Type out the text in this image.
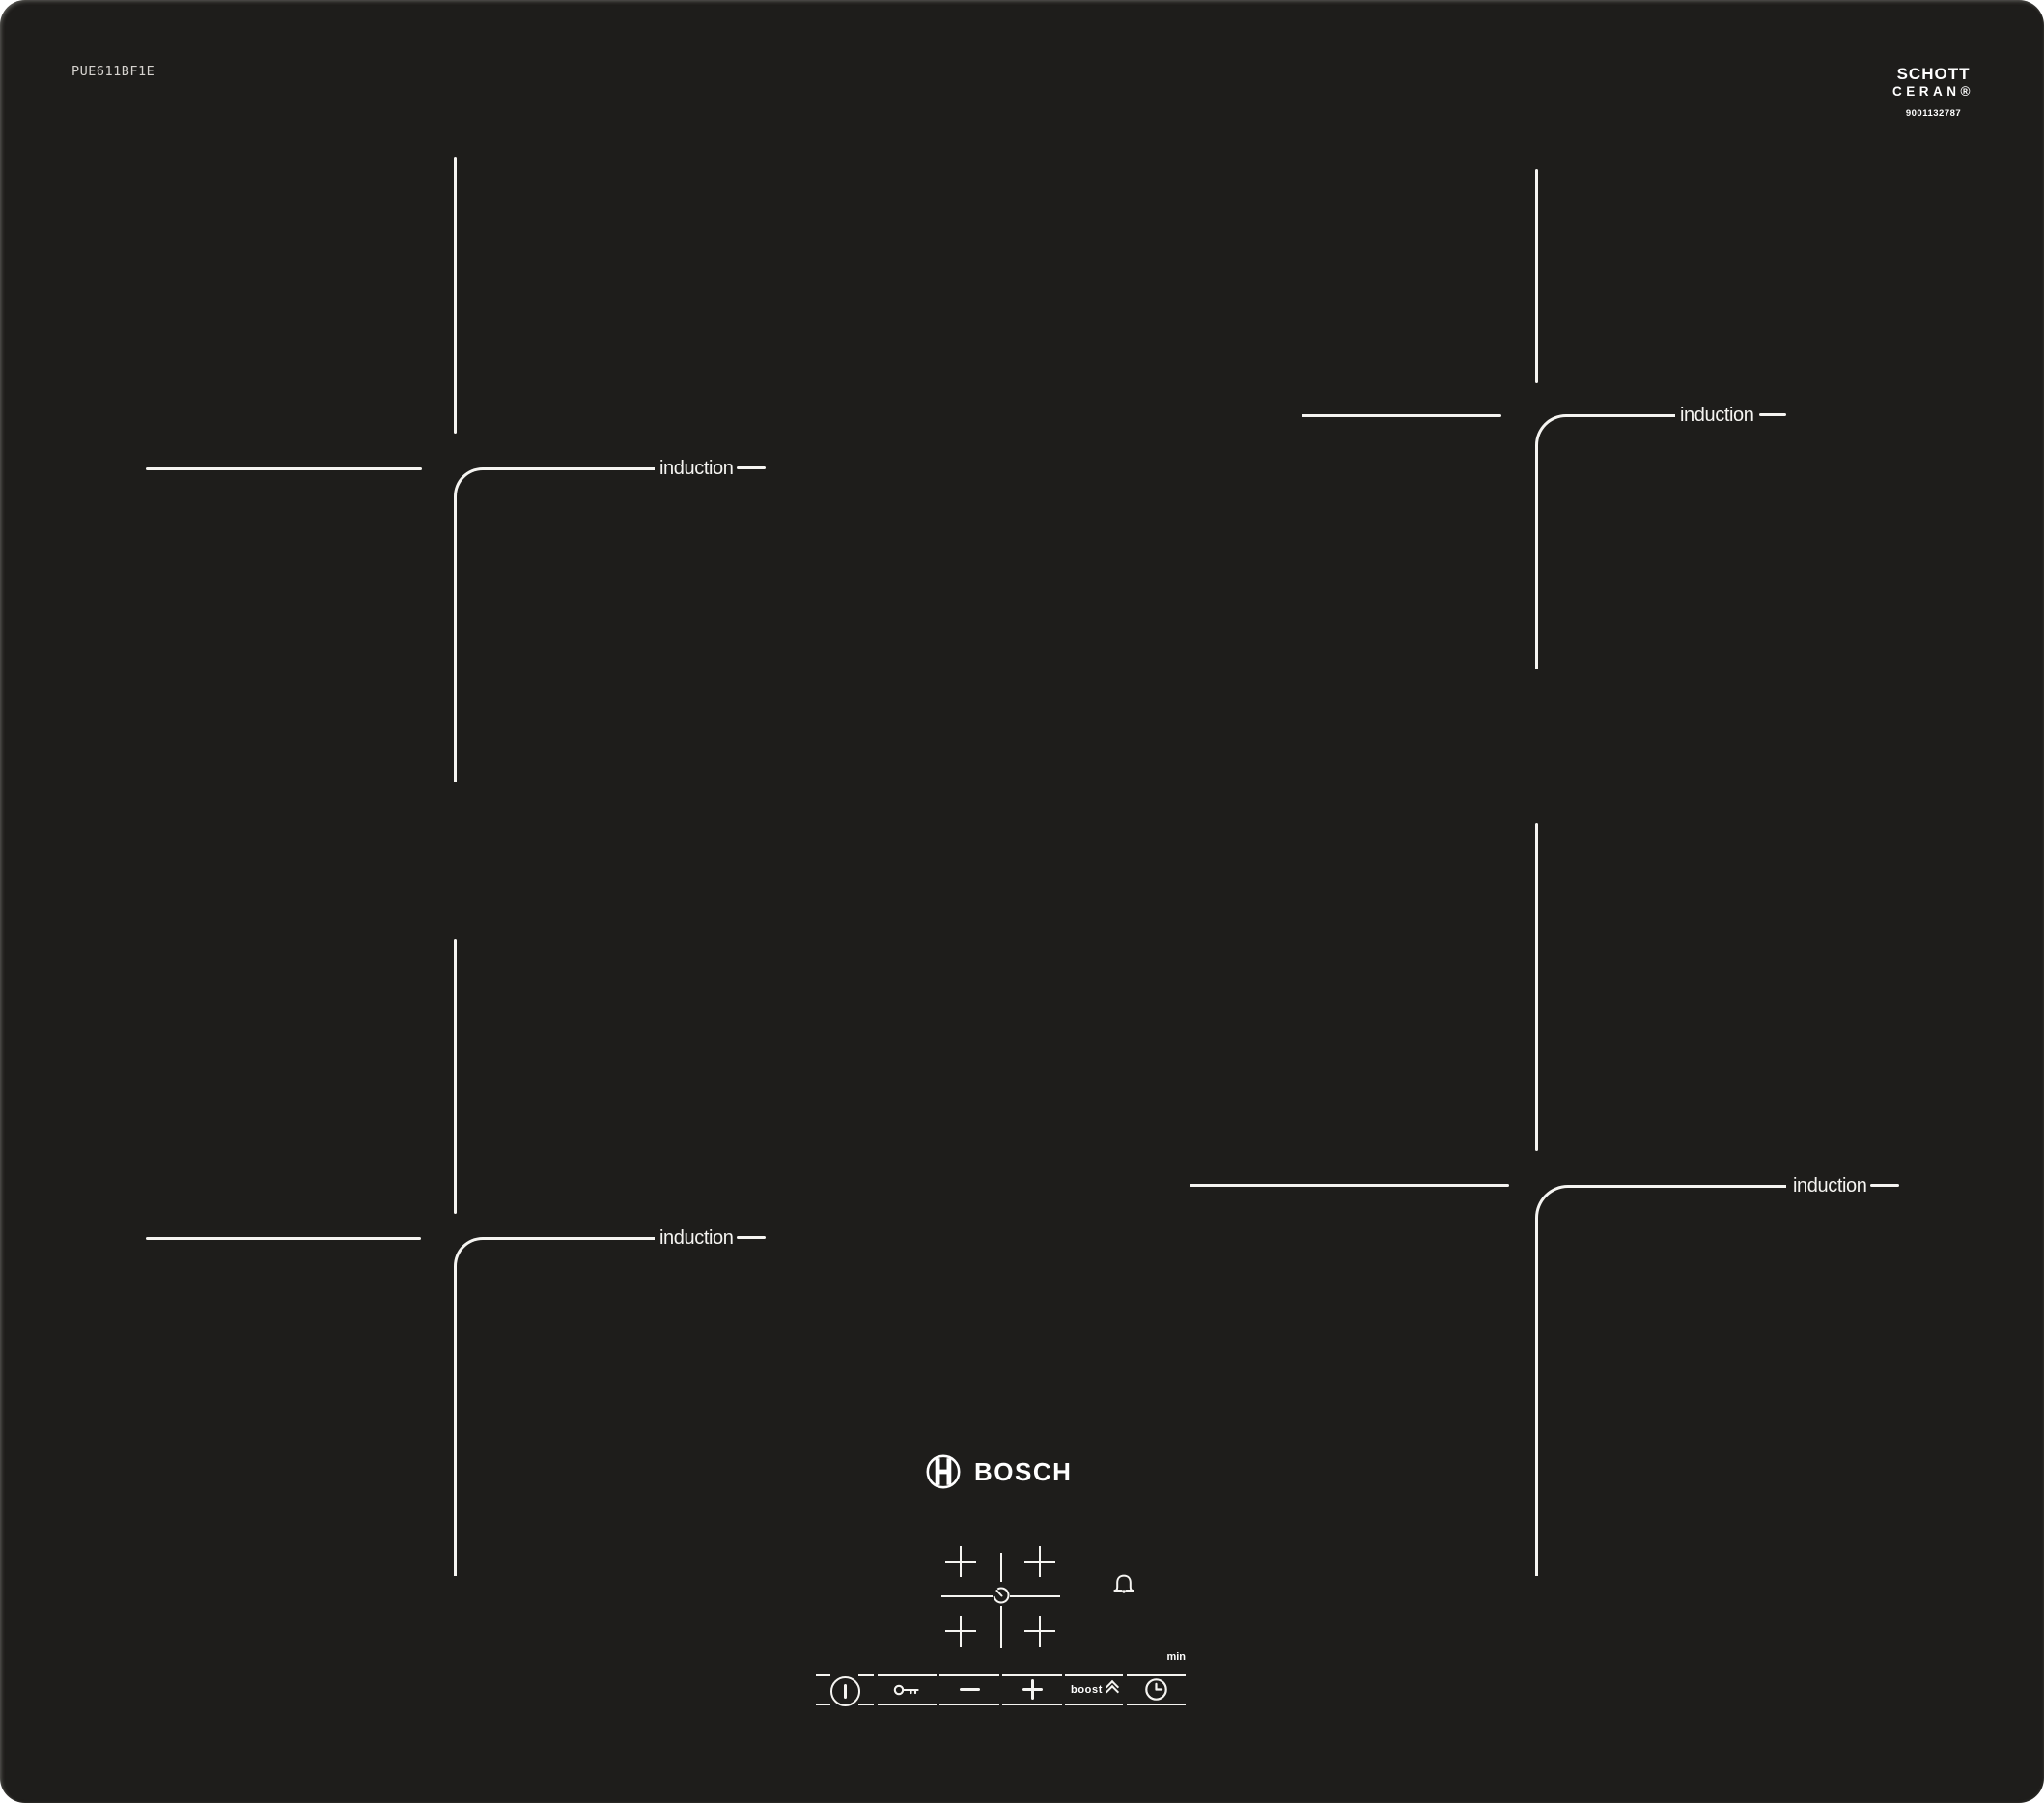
PUE611BF1E	SCHOTT
CERAN®
9001132787
induction
induction
induction
induction
BOSCH
min
boost
